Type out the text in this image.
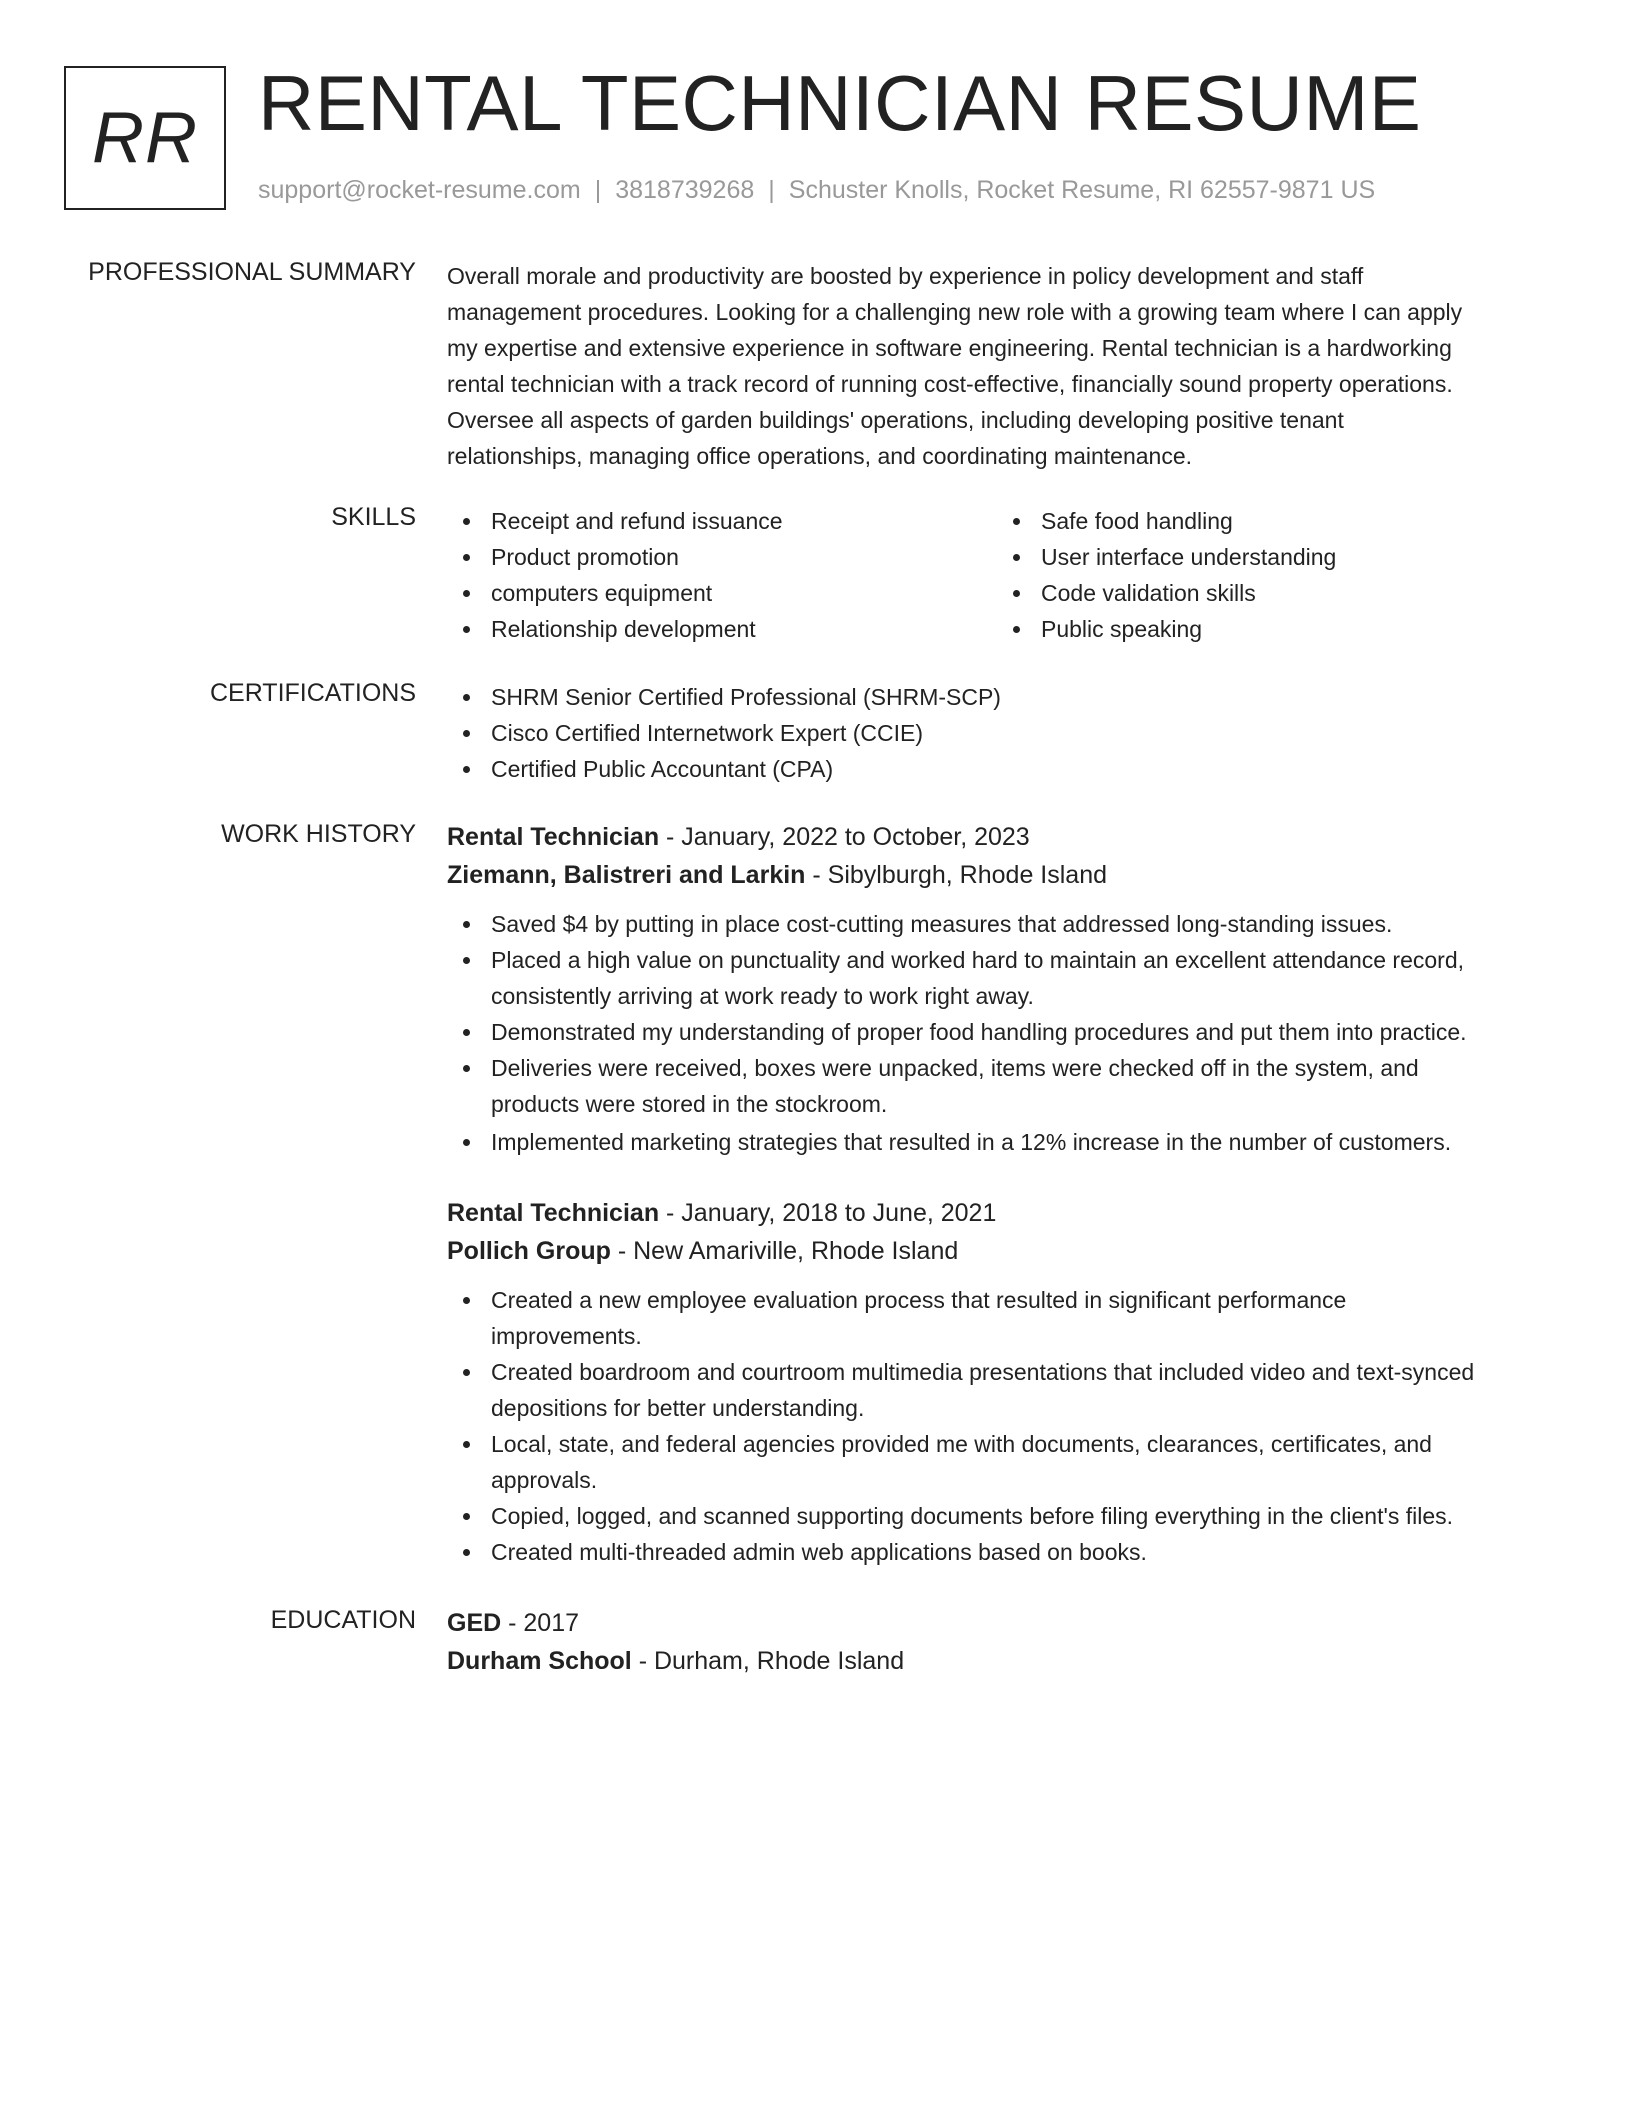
RR RENTAL TECHNICIAN RESUME
support@rocket-resume.com | 3818739268 | Schuster Knolls, Rocket Resume, RI 62557-9871 US
PROFESSIONAL SUMMARY Overall morale and productivity are boosted by experience in policy development and staff
management procedures. Looking for a challenging new role with a growing team where I can apply
my expertise and extensive experience in software engineering. Rental technician is a hardworking
rental technician with a track record of running cost-effective, financially sound property operations.
Oversee all aspects of garden buildings' operations, including developing positive tenant
relationships, managing office operations, and coordinating maintenance.
SKILLS	Receipt and refund issuance
Product promotion
computers equipment
Relationship development
Safe food handling
User interface understanding
Code validation skills
Public speaking
CERTIFICATIONS	SHRM Senior Certified Professional (SHRM-SCP)
Cisco Certified Internetwork Expert (CCIE)
Certified Public Accountant (CPA)
WORK HISTORY Rental Technician - January, 2022 to October, 2023
Ziemann, Balistreri and Larkin - Sibylburgh, Rhode Island
Saved $4 by putting in place cost-cutting measures that addressed long-standing issues.
Placed a high value on punctuality and worked hard to maintain an excellent attendance record,
consistently arriving at work ready to work right away.
Demonstrated my understanding of proper food handling procedures and put them into practice.
Deliveries were received, boxes were unpacked, items were checked off in the system, and
products were stored in the stockroom.
Implemented marketing strategies that resulted in a 12% increase in the number of customers.
Rental Technician - January, 2018 to June, 2021
Pollich Group - New Amariville, Rhode Island
Created a new employee evaluation process that resulted in significant performance
improvements.
Created boardroom and courtroom multimedia presentations that included video and text-synced
depositions for better understanding.
Local, state, and federal agencies provided me with documents, clearances, certificates, and
approvals.
Copied, logged, and scanned supporting documents before filing everything in the client's files.
Created multi-threaded admin web applications based on books.
EDUCATION GED - 2017
Durham School - Durham, Rhode Island
